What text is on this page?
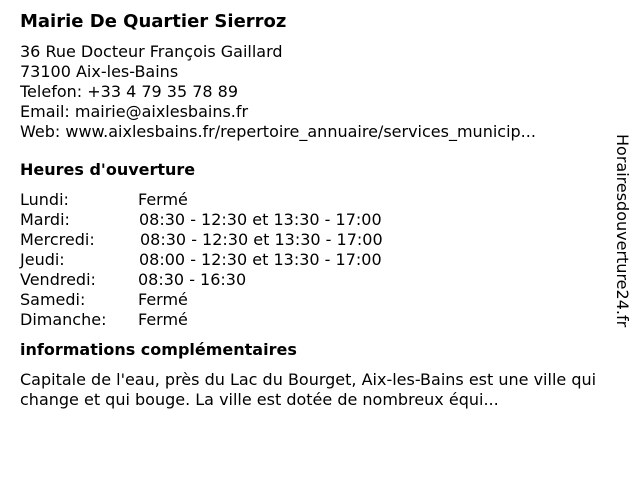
Mairie De Quartier Sierroz
36 Rue Docteur François Gaillard
73100 Aix-les-Bains
Telefon: +33 4 79 35 78 89
Email: mairie@aixlesbains.fr
Web: www.aixlesbains.fr/repertoire_annuaire/services_municip...
Heures d'ouverture
Lundi:	Fermé
Mardi:	08:30 - 12:30 et 13:30 - 17:00
Mercredi:	08:30 - 12:30 et 13:30 - 17:00
Jeudi:	08:00 - 12:30 et 13:30 - 17:00
Vendredi:	08:30 - 16:30
Samedi:	Fermé
Dimanche: Fermé
informations complémentaires

Capitale de l'eau, près du Lac du Bourget, Aix-les-Bains est une ville qui change et qui bouge. La ville est dotée de nombreux équi...

Horairesdouverture24.fr
